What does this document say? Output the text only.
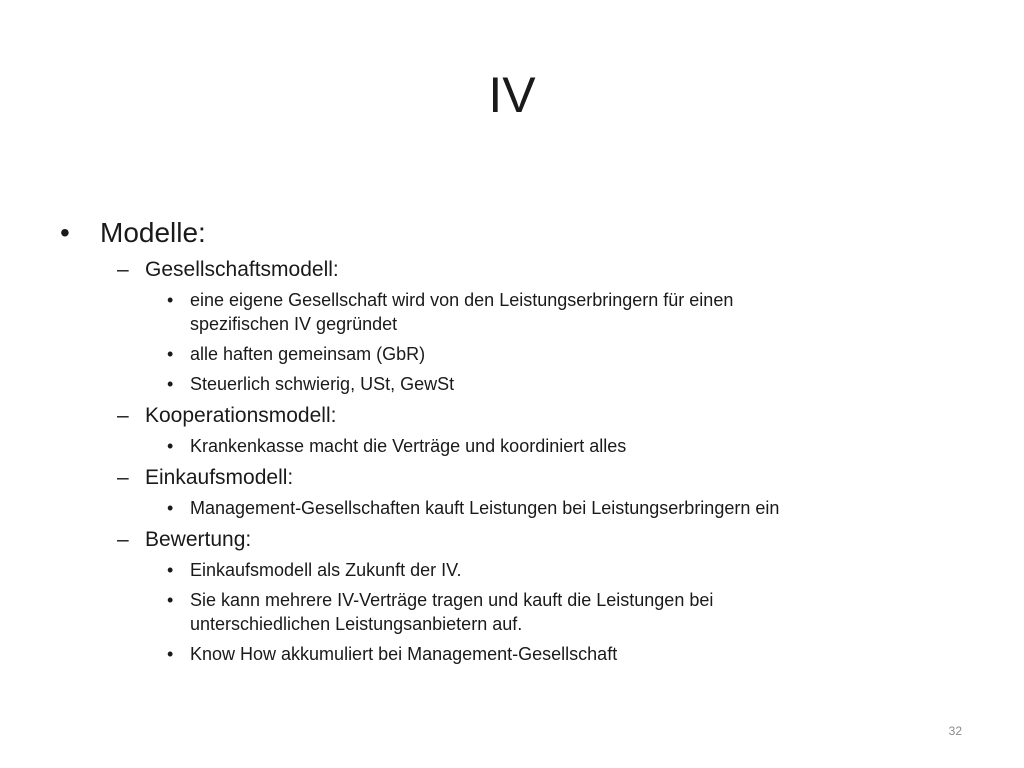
IV
• Modelle:
– Gesellschaftsmodell:
• eine eigene Gesellschaft wird von den Leistungserbringern für einen
spezifischen IV gegründet
• alle haften gemeinsam (GbR)
• Steuerlich schwierig, USt, GewSt
– Kooperationsmodell:
• Krankenkasse macht die Verträge und koordiniert alles
– Einkaufsmodell:
• Management-Gesellschaften kauft Leistungen bei Leistungserbringern ein
– Bewertung:
• Einkaufsmodell als Zukunft der IV.
• Sie kann mehrere IV-Verträge tragen und kauft die Leistungen bei
unterschiedlichen Leistungsanbietern auf.
• Know How akkumuliert bei Management-Gesellschaft
32
